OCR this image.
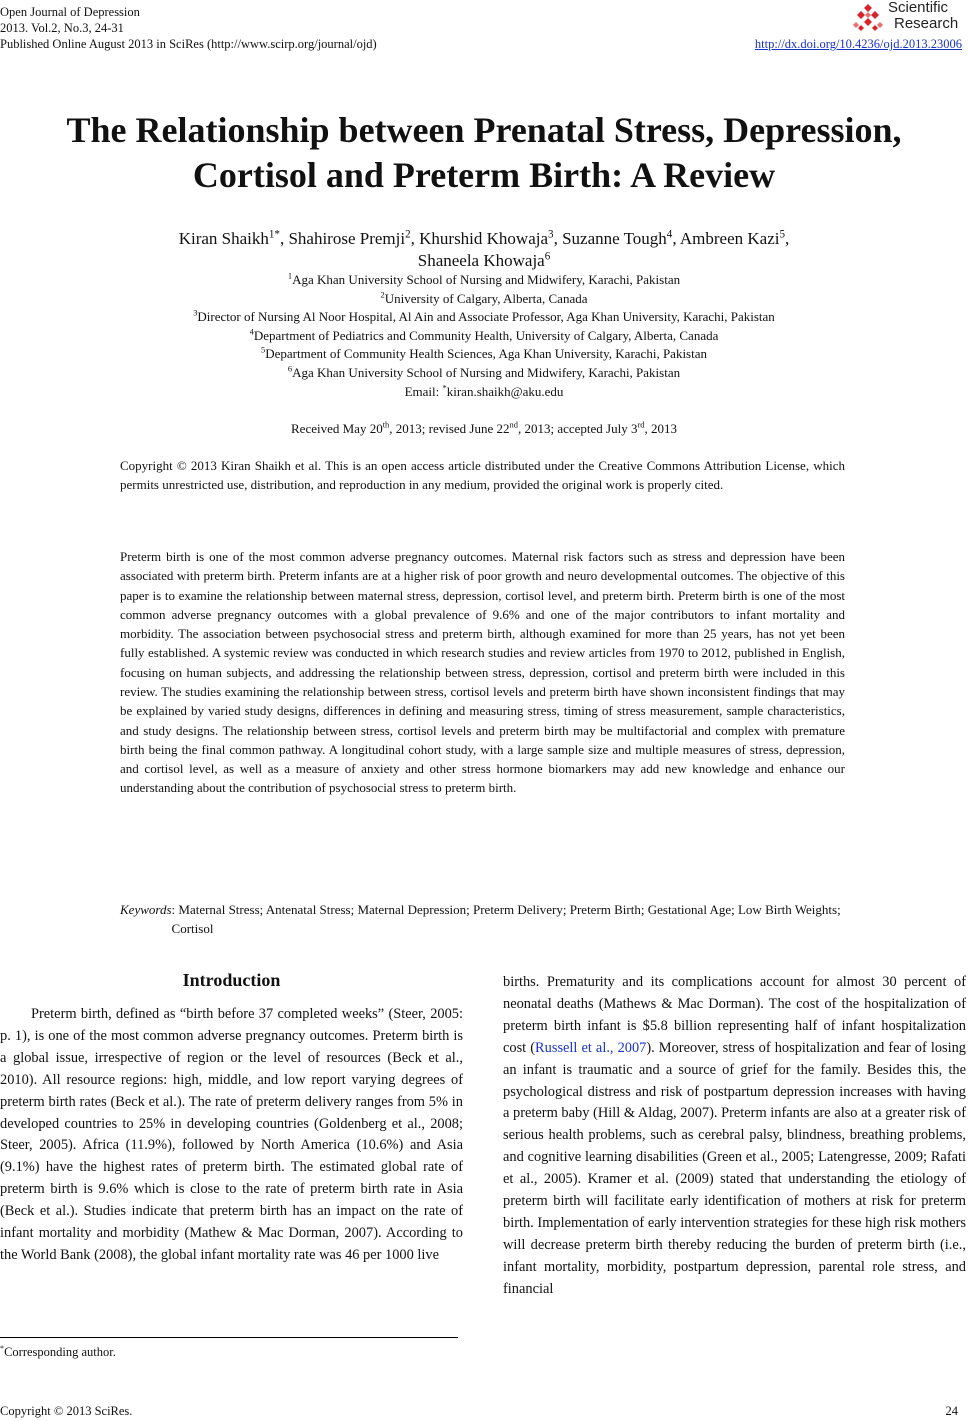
Open Journal of Depression
2013. Vol.2, No.3, 24-31
Published Online August 2013 in SciRes (http://www.scirp.org/journal/ojd)	http://dx.doi.org/10.4236/ojd.2013.23006
Scientific
Research
The Relationship between Prenatal Stress, Depression,
Cortisol and Preterm Birth: A Review
Kiran Shaikh$^{1*}$, Shahirose Premji$^2$, Khurshid Khowaja$^3$, Suzanne Tough$^4$, Ambreen Kazi$^5$,
Shaneela Khowaja$^6$
$^1$Aga Khan University School of Nursing and Midwifery, Karachi, Pakistan
$^2$University of Calgary, Alberta, Canada
$^3$Director of Nursing Al Noor Hospital, Al Ain and Associate Professor, Aga Khan University, Karachi, Pakistan
$^4$Department of Pediatrics and Community Health, University of Calgary, Alberta, Canada
$^5$Department of Community Health Sciences, Aga Khan University, Karachi, Pakistan
$^6$Aga Khan University School of Nursing and Midwifery, Karachi, Pakistan
Email: *kiran.shaikh@aku.edu
Received May 20th, 2013; revised June 22nd, 2013; accepted July 3rd, 2013
Copyright © 2013 Kiran Shaikh et al. This is an open access article distributed under the Creative Commons Attribution License, which permits unrestricted use, distribution, and reproduction in any medium, provided the original work is properly cited.
Preterm birth is one of the most common adverse pregnancy outcomes. Maternal risk factors such as stress and depression have been associated with preterm birth. Preterm infants are at a higher risk of poor growth and neuro developmental outcomes. The objective of this paper is to examine the relationship between maternal stress, depression, cortisol level, and preterm birth. Preterm birth is one of the most common adverse pregnancy outcomes with a global prevalence of 9.6% and one of the major contributors to infant mortality and morbidity. The association between psychosocial stress and preterm birth, although examined for more than 25 years, has not yet been fully established. A systemic review was conducted in which research studies and review articles from 1970 to 2012, published in English, focusing on human subjects, and addressing the relationship between stress, depression, cortisol and preterm birth were included in this review. The studies examining the relationship between stress, cortisol levels and preterm birth have shown inconsistent findings that may be explained by varied study designs, differences in defining and measuring stress, timing of stress measurement, sample characteristics, and study designs. The relationship between stress, cortisol levels and preterm birth may be multifactorial and complex with premature birth being the final common pathway. A longitudinal cohort study, with a large sample size and multiple measures of stress, depression, and cortisol level, as well as a measure of anxiety and other stress hormone biomarkers may add new knowledge and enhance our understanding about the contribution of psychosocial stress to preterm birth.
Keywords : Maternal Stress; Antenatal Stress; Maternal Depression; Preterm Delivery; Preterm Birth; Gestational Age; Low Birth Weights; Cortisol
Introduction
Preterm birth, defined as “birth before 37 completed weeks” (Steer, 2005: p. 1), is one of the most common adverse pregnancy outcomes. Preterm birth is a global issue, irrespective of region or the level of resources (Beck et al., 2010). All resource regions: high, middle, and low report varying degrees of preterm birth rates (Beck et al.). The rate of preterm delivery ranges from 5% in developed countries to 25% in developing countries (Goldenberg et al., 2008; Steer, 2005). Africa (11.9%), followed by North America (10.6%) and Asia (9.1%) have the highest rates of preterm birth. The estimated global rate of preterm birth is 9.6% which is close to the rate of preterm birth rate in Asia (Beck et al.). Studies indicate that preterm birth has an impact on the rate of infant mortality and morbidity (Mathew & Mac Dorman, 2007). According to the World Bank (2008), the global infant mortality rate was 46 per 1000 live
births. Prematurity and its complications account for almost 30 percent of neonatal deaths (Mathews & Mac Dorman). The cost of the hospitalization of preterm birth infant is $5.8 billion representing half of infant hospitalization cost (Russell et al., 2007). Moreover, stress of hospitalization and fear of losing an infant is traumatic and a source of grief for the family. Besides this, the psychological distress and risk of postpartum depression increases with having a preterm baby (Hill & Aldag, 2007). Preterm infants are also at a greater risk of serious health problems, such as cerebral palsy, blindness, breathing problems, and cognitive learning disabilities (Green et al., 2005; Latengresse, 2009; Rafati et al., 2005). Kramer et al. (2009) stated that understanding the etiology of preterm birth will facilitate early identification of mothers at risk for preterm birth. Implementation of early intervention strategies for these high risk mothers will decrease preterm birth thereby reducing the burden of preterm birth (i.e., infant mortality, morbidity, postpartum depression, parental role stress, and financial
*Corresponding author.
Copyright © 2013 SciRes.	24
